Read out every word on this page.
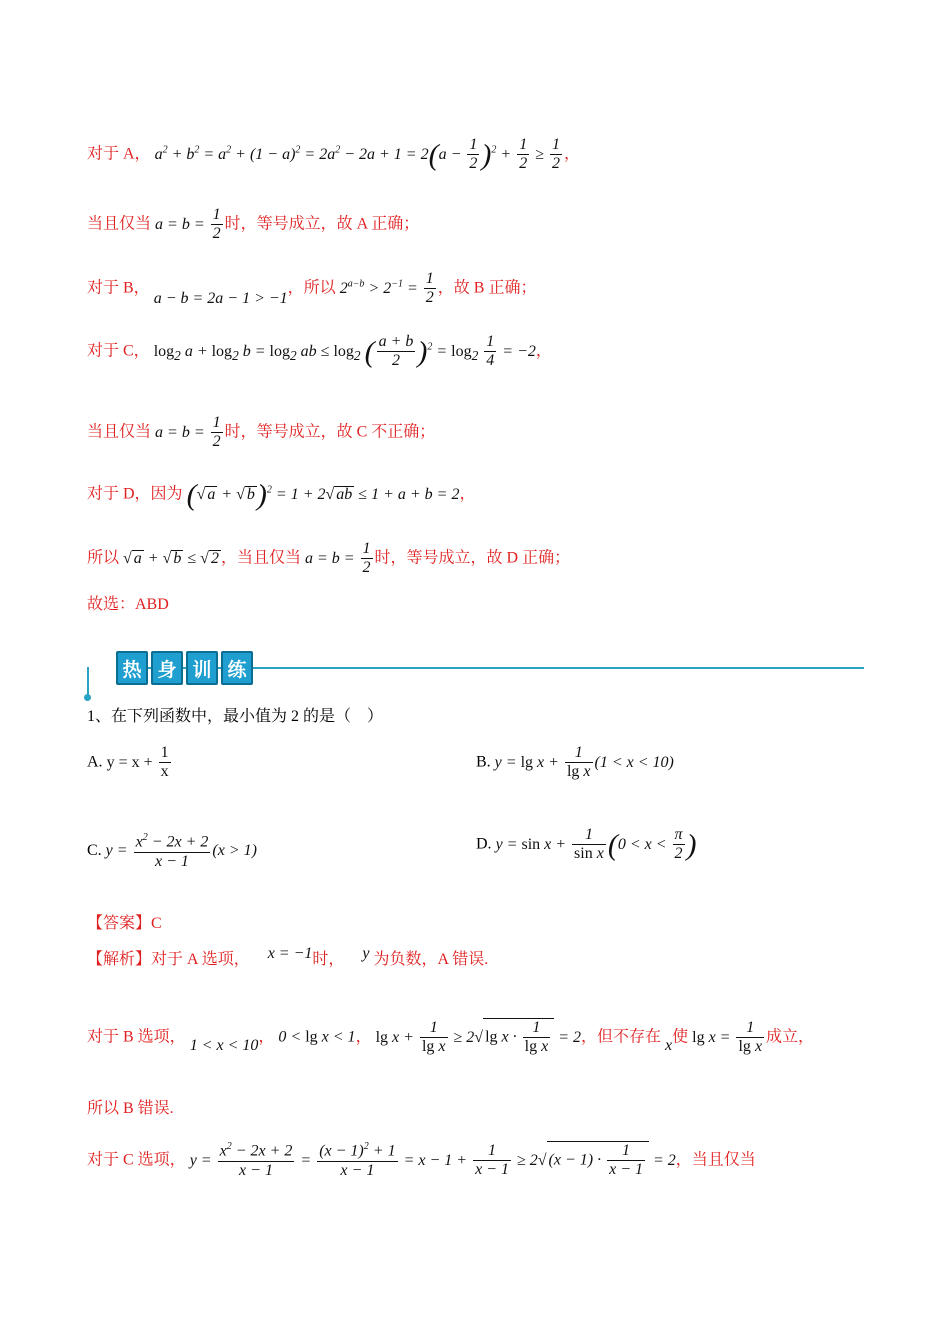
对于 A， $a^2 + b^2 = a^2 + (1 - a)^2 = 2a^2 - 2a + 1 = 2(a - \frac{1}{2} )^2 + \frac{1}{2} \ge \frac{1}{2}$ ，
当且仅当 $a = b = \frac{1}{2}$ 时，等号成立，故 A 正确；
对于 B， a − b = 2a − 1 > −1，所以 $2^{a-b} > 2^{-1} = \frac{1}{2}$ ，故 B 正确；
对于 C， $\log_2 a + \log_2 b = \log_2$ ab ≤ $\log_2$ ( $\frac{a + b}{2} )^2 = \log_2 \frac{1}{4} = -2$，
当且仅当 $a = b = \frac{1}{2}$ 时，等号成立，故 C 不正确；
对于 D，因为 (√ a + √ b)$^2$ = 1 + 2√ ab ≤ 1 + a + b = 2，
所以 √ a + √ b ≤ √ 2 ，当且仅当 $a = b = \frac{1}{2}$ 时，等号成立，故 D 正确；
故选：ABD
热 身 训 练
1、在下列函数中，最小值为 2 的是（　）
A. $y = x + \frac{1}{x}$	B. $y = \lg x + \frac{1}{\text{lg x}} (1 < x < 10)$
C. $y = \frac{x^2 - 2x + 2}{x - 1} (x > 1)$	D. $y = \sin x + \frac{1}{\text{sin x}} (0 < x < \frac{\pi}{2}$ )
【答案】C
【解析】对于 A 选项， x = −1时， y 为负数，A 错误.
对于 B 选项， 1 < x < 10， 0 < lg x < 1， $\lg x + \frac{1}{\text{lg x}} \ge 2√$ $\lg x \cdot \frac{1}{\text{lg x}} = 2$，但不存在 x使 $\lg x = \frac{1}{\text{lg x}}$ 成立，
所以 B 错误.
对于 C 选项， $y = \frac{x^2 - 2x + 2}{x - 1} = \frac{(x - 1)^2 + 1}{x - 1} = x - 1 + \frac{1}{x - 1} \ge 2√$ $(x - 1) \cdot \frac{1}{x - 1} = 2$，当且仅当
